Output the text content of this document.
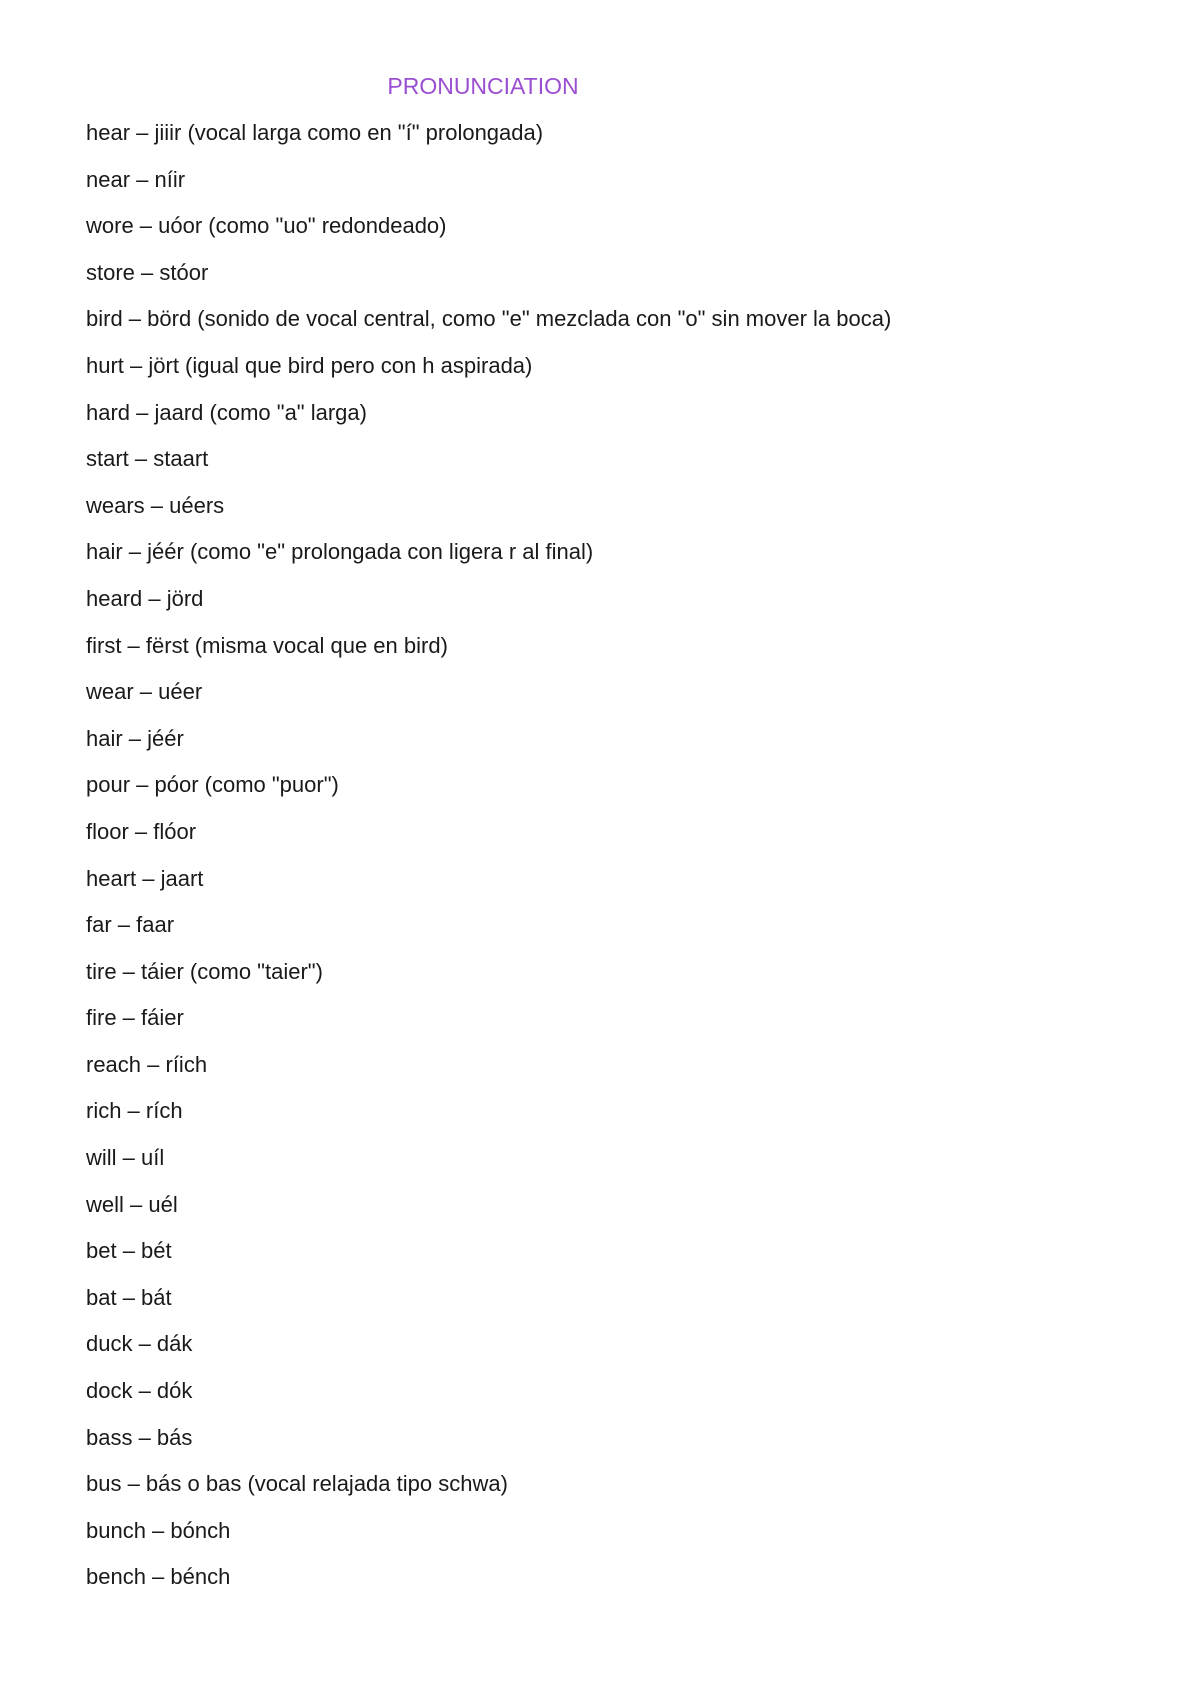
PRONUNCIATION
hear – jiiir (vocal larga como en "í" prolongada)
near – níir
wore – uóor (como "uo" redondeado)
store – stóor
bird – börd (sonido de vocal central, como "e" mezclada con "o" sin mover la boca)
hurt – jört (igual que bird pero con h aspirada)
hard – jaard (como "a" larga)
start – staart
wears – uéers
hair – jéér (como "e" prolongada con ligera r al final)
heard – jörd
first – fërst (misma vocal que en bird)
wear – uéer
hair – jéér
pour – póor (como "puor")
floor – flóor
heart – jaart
far – faar
tire – táier (como "taier")
fire – fáier
reach – ríich
rich – rích
will – uíl
well – uél
bet – bét
bat – bát
duck – dák
dock – dók
bass – bás
bus – bás o bas (vocal relajada tipo schwa)
bunch – bónch
bench – bénch
